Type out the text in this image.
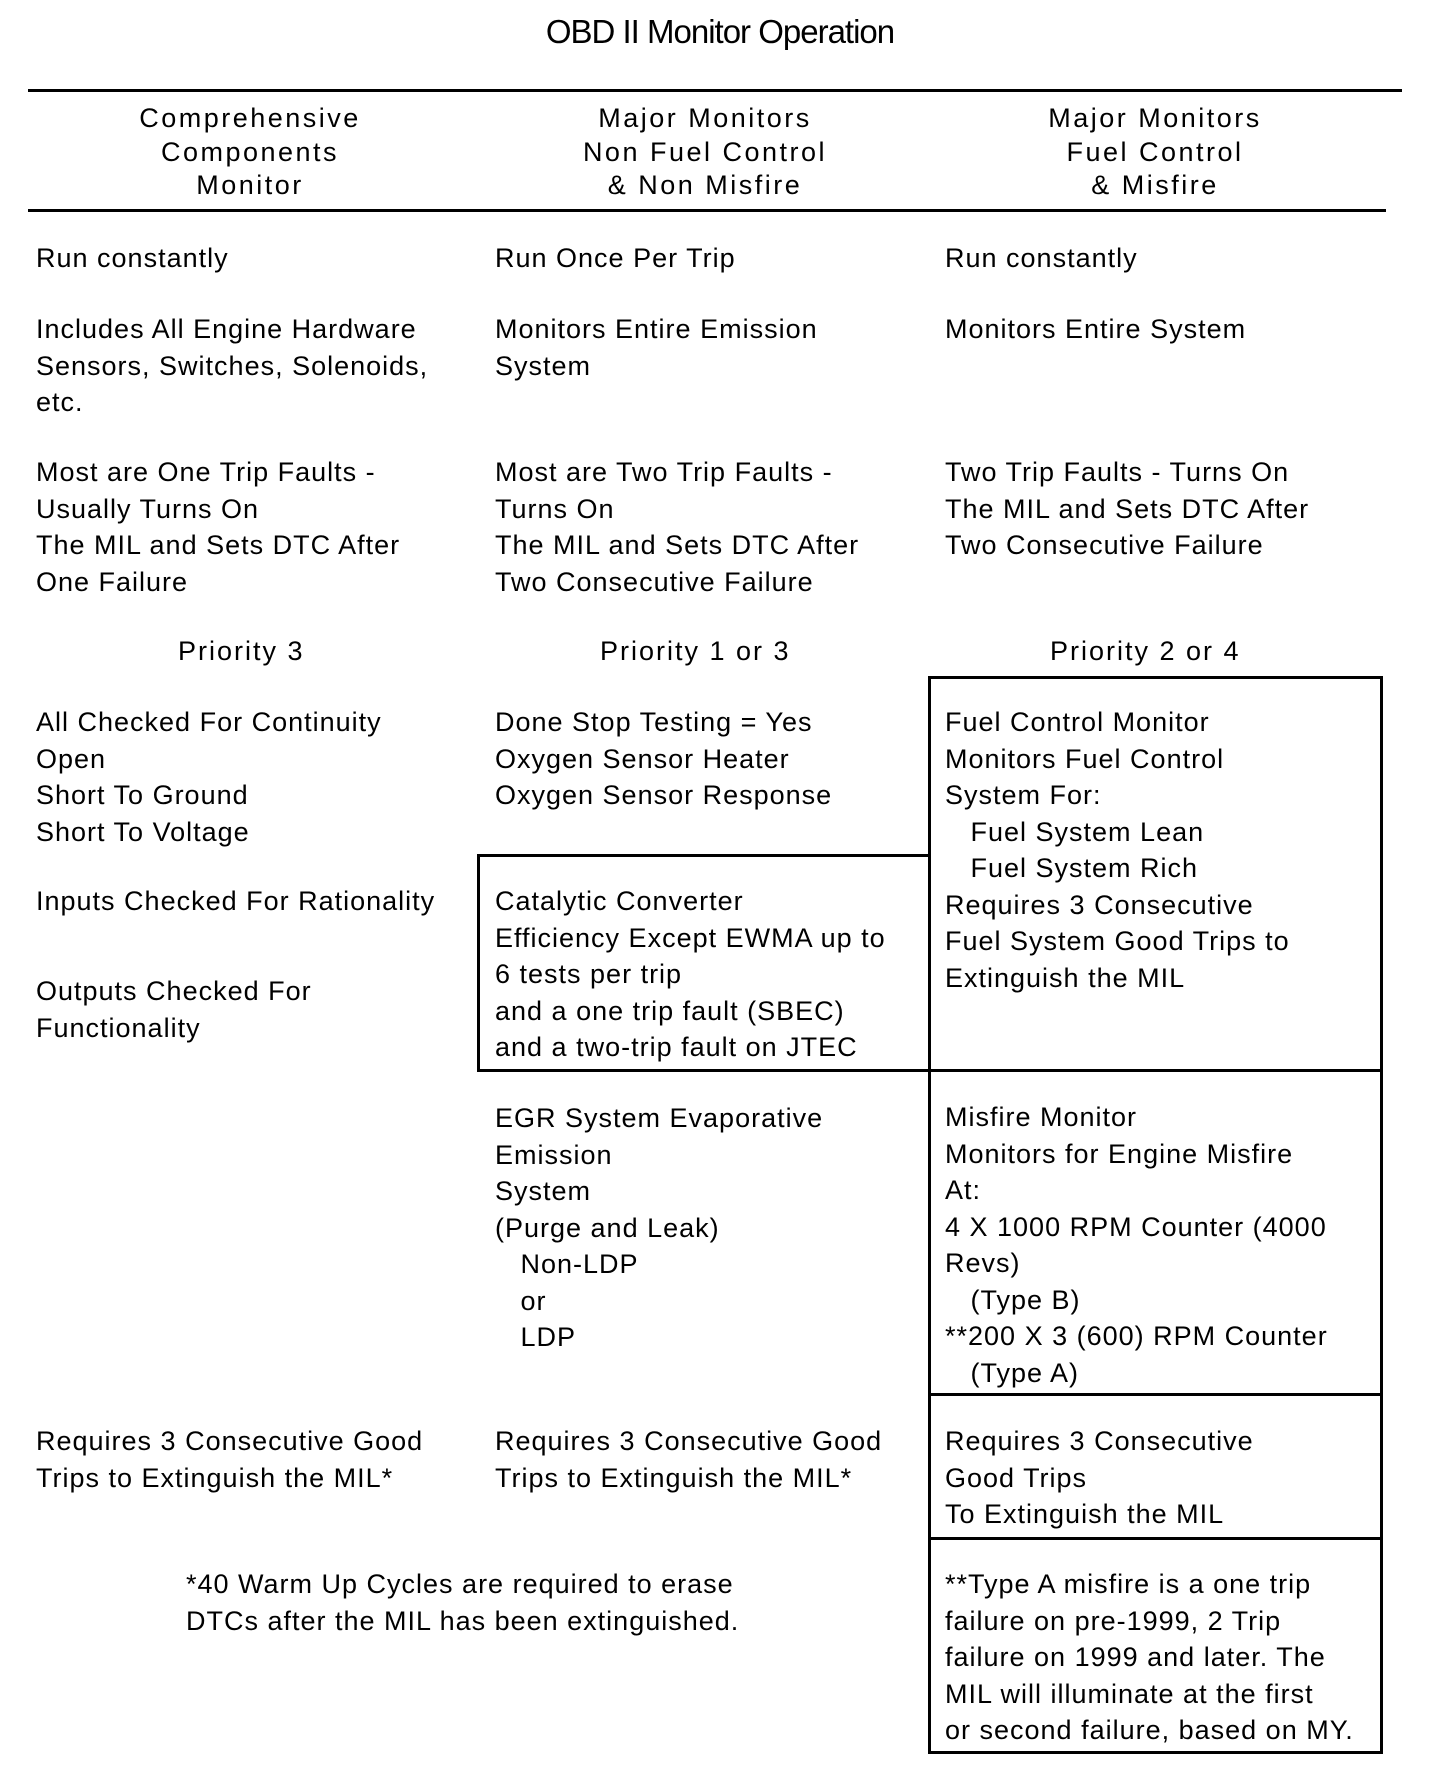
OBD II Monitor Operation
Comprehensive
Components
Monitor
Major Monitors
Non Fuel Control
& Non Misfire
Major Monitors
Fuel Control
& Misfire
Run constantly
Includes All Engine Hardware
Sensors, Switches, Solenoids,
etc.
Most are One Trip Faults -
Usually Turns On
The MIL and Sets DTC After
One Failure
Priority 3
All Checked For Continuity
Open
Short To Ground
Short To Voltage
Inputs Checked For Rationality
Outputs Checked For
Functionality
Requires 3 Consecutive Good
Trips to Extinguish the MIL*
Run Once Per Trip
Monitors Entire Emission
System
Most are Two Trip Faults -
Turns On
The MIL and Sets DTC After
Two Consecutive Failure
Priority 1 or 3
Done Stop Testing = Yes
Oxygen Sensor Heater
Oxygen Sensor Response
Catalytic Converter
Efficiency Except EWMA up to
6 tests per trip
and a one trip fault (SBEC)
and a two-trip fault on JTEC
EGR System Evaporative
Emission
System
(Purge and Leak)
Non-LDP
or
LDP
Requires 3 Consecutive Good
Trips to Extinguish the MIL*
Run constantly
Monitors Entire System
Two Trip Faults - Turns On
The MIL and Sets DTC After
Two Consecutive Failure
Priority 2 or 4
Fuel Control Monitor
Monitors Fuel Control
System For:
Fuel System Lean
Fuel System Rich
Requires 3 Consecutive
Fuel System Good Trips to
Extinguish the MIL
Misfire Monitor
Monitors for Engine Misfire
At:
4 X 1000 RPM Counter (4000
Revs)
(Type B)
**200 X 3 (600) RPM Counter
(Type A)
Requires 3 Consecutive
Good Trips
To Extinguish the MIL
**Type A misfire is a one trip
failure on pre-1999, 2 Trip
failure on 1999 and later. The
MIL will illuminate at the first
or second failure, based on MY.
*40 Warm Up Cycles are required to erase
DTCs after the MIL has been extinguished.
